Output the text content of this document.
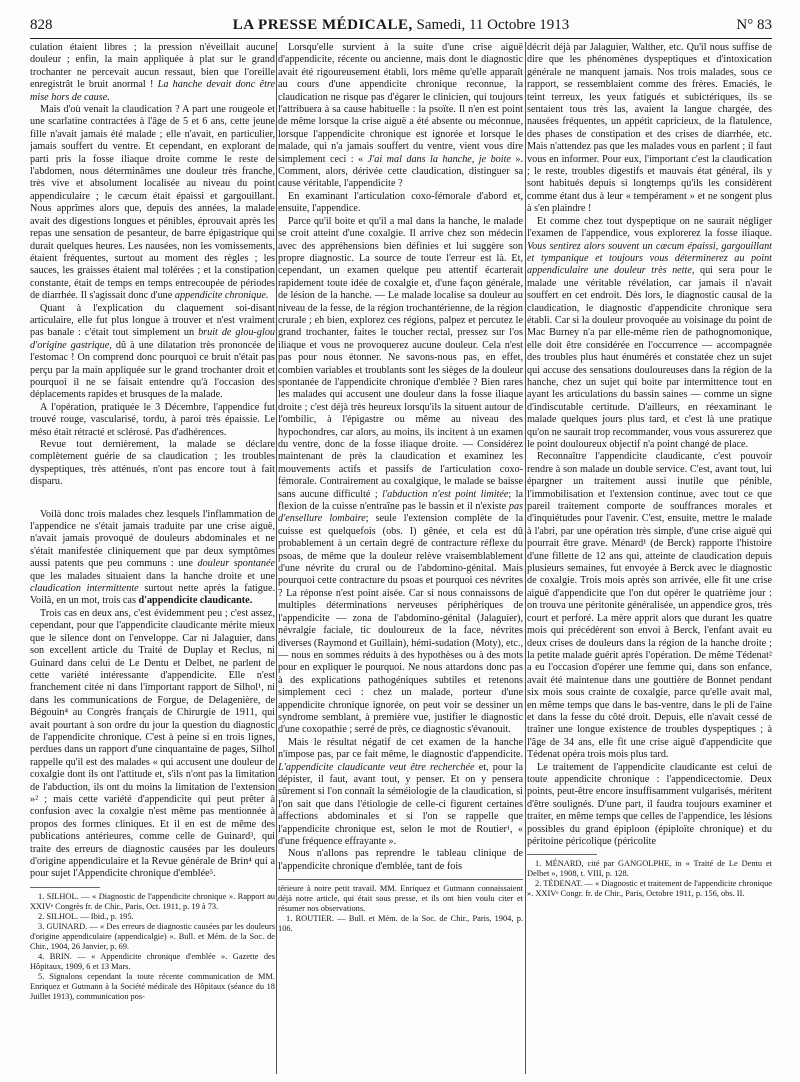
828	LA PRESSE MÉDICALE, Samedi, 11 Octobre 1913	N° 83

culation étaient libres ; la pression n'éveillait aucune douleur ; enfin, la main appliquée à plat sur le grand trochanter ne percevait aucun ressaut, bien que l'oreille enregistrât le bruit anormal ! La hanche devait donc être mise hors de cause.

Mais d'où venait la claudication ? A part une rougeole et une scarlatine contractées à l'âge de 5 et 6 ans, cette jeune fille n'avait jamais été malade ; elle n'avait, en particulier, jamais souffert du ventre. Et cependant, en explorant de parti pris la fosse iliaque droite comme le reste de l'abdomen, nous déterminâmes une douleur très franche, très vive et absolument localisée au niveau du point appendiculaire ; le cæcum était épaissi et gargouillant. Nous apprîmes alors que, depuis des années, la malade avait des digestions longues et pénibles, éprouvait après les repas une sensation de pesanteur, de barre épigastrique qui durait quelques heures. Les nausées, non les vomissements, étaient fréquentes, surtout au moment des règles ; les sauces, les graisses étaient mal tolérées ; et la constipation constante, était de temps en temps entrecoupée de périodes de diarrhée. Il s'agissait donc d'une appendicite chronique.

Quant à l'explication du claquement soi-disant articulaire, elle fut plus longue à trouver et n'est vraiment pas banale : c'était tout simplement un bruit de glou-glou d'origine gastrique, dû à une dilatation très prononcée de l'estomac ! On comprend donc pourquoi ce bruit n'était pas perçu par la main appliquée sur le grand trochanter droit et pourquoi il ne se faisait entendre qu'à l'occasion des déplacements rapides et brusques de la malade.

A l'opération, pratiquée le 3 Décembre, l'appendice fut trouvé rouge, vascularisé, tordu, à paroi très épaissie. Le méso était rétracté et sclérosé. Pas d'adhérences.

Revue tout dernièrement, la malade se déclare complètement guérie de sa claudication ; les troubles dyspeptiques, très atténués, n'ont pas encore tout à fait disparu.

Voilà donc trois malades chez lesquels l'inflammation de l'appendice ne s'était jamais traduite par une crise aiguë, n'avait jamais provoqué de douleurs abdominales et ne s'était manifestée cliniquement que par deux symptômes aussi patents que peu communs : une douleur spontanée que les malades situaient dans la hanche droite et une claudication intermittente surtout nette après la fatigue. Voilà, en un mot, trois cas d'appendicite claudicante.

Trois cas en deux ans, c'est évidemment peu ; c'est assez, cependant, pour que l'appendicite claudicante mérite mieux que le silence dont on l'enveloppe. Car ni Jalaguier, dans son excellent article du Traité de Duplay et Reclus, ni Guinard dans celui de Le Dentu et Delbet, ne parlent de cette variété intéressante d'appendicite. Elle n'est franchement citée ni dans l'important rapport de Silhol¹, ni dans les communications de Forgue, de Delagenière, de Bégouin⁴ au Congrès français de Chirurgie de 1911, qui avait pourtant à son ordre du jour la question du diagnostic de l'appendicite chronique. C'est à peine si en trois lignes, perdues dans un rapport d'une cinquantaine de pages, Silhol rappelle qu'il est des malades « qui accusent une douleur de coxalgie dont ils ont l'attitude et, s'ils n'ont pas la limitation de l'abduction, ils ont du moins la limitation de l'extension »² ; mais cette variété d'appendicite qui peut prêter à confusion avec la coxalgie n'est même pas mentionnée à propos des formes cliniques. Et il en est de même des publications antérieures, comme celle de Guinard³, qui traite des erreurs de diagnostic causées par les douleurs d'origine appendiculaire et la Revue générale de Brin⁴ qui a pour sujet l'Appendicite chronique d'emblée⁵.

1. SILHOL. — « Diagnostic de l'appendicite chronique ». Rapport au XXIVᵉ Congrès fr. de Chir., Paris, Oct. 1911, p. 19 à 73.

2. SILHOL. — Ibid., p. 195.

3. GUINARD. — « Des erreurs de diagnostic causées par les douleurs d'origine appendiculaire (appendicalgie) ». Bull. et Mém. de la Soc. de Chir., 1904, 26 Janvier, p. 69.

4. BRIN. — « Appendicite chronique d'emblée ». Gazette des Hôpitaux, 1909, 6 et 13 Mars.

5. Signalons cependant la toute récente communication de MM. Enriquez et Gutmann à la Société médicale des Hôpitaux (séance du 18 Juillet 1913), communication pos-

Lorsqu'elle survient à la suite d'une crise aiguë d'appendicite, récente ou ancienne, mais dont le diagnostic avait été rigoureusement établi, lors même qu'elle apparaît au cours d'une appendicite chronique reconnue, la claudication ne risque pas d'égarer le clinicien, qui toujours l'attribuera à sa cause habituelle : la psoïte. Il n'en est point de même lorsque la crise aiguë a été absente ou méconnue, lorsque l'appendicite chronique est ignorée et lorsque le malade, qui n'a jamais souffert du ventre, vient vous dire simplement ceci : « J'ai mal dans la hanche, je boite ». Comment, alors, dérivée cette claudication, distinguer sa cause véritable, l'appendicite ?

En examinant l'articulation coxo-fémorale d'abord et, ensuite, l'appendice.

Parce qu'il boite et qu'il a mal dans la hanche, le malade se croit atteint d'une coxalgie. Il arrive chez son médecin avec des appréhensions bien définies et lui suggère son propre diagnostic. La source de toute l'erreur est là. Et, cependant, un examen quelque peu attentif écarterait rapidement toute idée de coxalgie et, d'une façon générale, de lésion de la hanche. — Le malade localise sa douleur au niveau de la fesse, de la région trochantérienne, de la région crurale ; eh bien, explorez ces régions, palpez et percutez le grand trochanter, faites le toucher rectal, pressez sur l'os iliaque et vous ne provoquerez aucune douleur. Cela n'est pas pour nous étonner. Ne savons-nous pas, en effet, combien variables et troublants sont les sièges de la douleur spontanée de l'appendicite chronique d'emblée ? Bien rares les malades qui accusent une douleur dans la fosse iliaque droite ; c'est déjà très heureux lorsqu'ils la situent autour de l'ombilic, à l'épigastre ou même au niveau des hypochondres, car alors, au moins, ils incitent à un examen du ventre, donc de la fosse iliaque droite. — Considérez maintenant de près la claudication et examinez les mouvements actifs et passifs de l'articulation coxo-fémorale. Contrairement au coxalgique, le malade se baisse sans aucune difficulté ; l'abduction n'est point limitée; la flexion de la cuisse n'entraîne pas le bassin et il n'existe pas d'ensellure lombaire; seule l'extension complète de la cuisse est quelquefois (obs. I) gênée, et cela est dû probablement à un certain degré de contracture réflexe du psoas, de même que la douleur relève vraisemblablement d'une névrite du crural ou de l'abdomino-génital. Mais pourquoi cette contracture du psoas et pourquoi ces névrites ? La réponse n'est point aisée. Car si nous connaissons de multiples déterminations nerveuses périphériques de l'appendicite — zona de l'abdomino-génital (Jalaguier), névralgie faciale, tic douloureux de la face, névrites diverses (Raymond et Guillain), hémi-sudation (Moty), etc., — nous en sommes réduits à des hypothèses ou à des mots pour en expliquer le pourquoi. Ne nous attardons donc pas à des explications pathogéniques subtiles et retenons simplement ceci : chez un malade, porteur d'une appendicite chronique ignorée, on peut voir se dessiner un syndrome semblant, à première vue, justifier le diagnostic d'une coxopathie ; serré de près, ce diagnostic s'évanouit.

Mais le résultat négatif de cet examen de la hanche n'impose pas, par ce fait même, le diagnostic d'appendicite. L'appendicite claudicante veut être recherchée et, pour la dépister, il faut, avant tout, y penser. Et on y pensera sûrement si l'on connaît la séméiologie de la claudication, si l'on sait que dans l'étiologie de celle-ci figurent certaines affections abdominales et si l'on se rappelle que l'appendicite chronique est, selon le mot de Routier¹, « d'une fréquence effrayante ».

Nous n'allons pas reprendre le tableau clinique de l'appendicite chronique d'emblée, tant de fois

térieure à notre petit travail. MM. Enriquez et Gutmann connaissaient déjà notre article, qui était sous presse, et ils ont bien voulu citer et résumer nos observations.

1. ROUTIER. — Bull. et Mém. de la Soc. de Chir., Paris, 1904, p. 106.

décrit déjà par Jalaguier, Walther, etc. Qu'il nous suffise de dire que les phénomènes dyspeptiques et d'intoxication générale ne manquent jamais. Nos trois malades, sous ce rapport, se ressemblaient comme des frères. Emaciés, le teint terreux, les yeux fatigués et subictériques, ils se sentaient tous très las, avaient la langue chargée, des nausées fréquentes, un appétit capricieux, de la flatulence, des phases de constipation et des crises de diarrhée, etc. Mais n'attendez pas que les malades vous en parlent ; il faut vous en informer. Pour eux, l'important c'est la claudication ; le reste, troubles digestifs et mauvais état général, ils y sont habitués depuis si longtemps qu'ils les considèrent comme étant dus à leur « tempérament » et ne songent plus à s'en plaindre !

Et comme chez tout dyspeptique on ne saurait négliger l'examen de l'appendice, vous explorerez la fosse iliaque. Vous sentirez alors souvent un cæcum épaissi, gargouillant et tympanique et toujours vous déterminerez au point appendiculaire une douleur très nette, qui sera pour le malade une véritable révélation, car jamais il n'avait souffert en cet endroit. Dès lors, le diagnostic causal de la claudication, le diagnostic d'appendicite chronique sera établi. Car si la douleur provoquée au voisinage du point de Mac Burney n'a par elle-même rien de pathognomonique, elle doit être considérée en l'occurrence — accompagnée des troubles plus haut énumérés et constatée chez un sujet qui accuse des sensations douloureuses dans la région de la hanche, chez un sujet qui boite par intermittence tout en ayant les articulations du bassin saines — comme un signe d'indiscutable certitude. D'ailleurs, en réexaminant le malade quelques jours plus tard, et c'est là une pratique qu'on ne saurait trop recommander, vous vous assurerez que le point douloureux objectif n'a point changé de place.

Reconnaître l'appendicite claudicante, c'est pouvoir rendre à son malade un double service. C'est, avant tout, lui épargner un traitement aussi inutile que pénible, l'immobilisation et l'extension continue, avec tout ce que pareil traitement comporte de souffrances morales et d'inquiétudes pour l'avenir. C'est, ensuite, mettre le malade à l'abri, par une opération très simple, d'une crise aiguë qui pourrait être grave. Ménard¹ (de Berck) rapporte l'histoire d'une fillette de 12 ans qui, atteinte de claudication depuis plusieurs semaines, fut envoyée à Berck avec le diagnostic de coxalgie. Trois mois après son arrivée, elle fit une crise aiguë d'appendicite que l'on dut opérer le quatrième jour : on trouva une péritonite généralisée, un appendice gros, très court et perforé. La mère apprit alors que durant les quatre mois qui précédèrent son envoi à Berck, l'enfant avait eu deux crises de douleurs dans la région de la hanche droite ; la petite malade guérit après l'opération. De même Tédenat² a eu l'occasion d'opérer une femme qui, dans son enfance, avait été maintenue dans une gouttière de Bonnet pendant six mois sous crainte de coxalgie, parce qu'elle avait mal, en même temps que dans le bas-ventre, dans le pli de l'aine et dans la fesse du côté droit. Depuis, elle n'avait cessé de traîner une longue existence de troubles dyspeptiques ; à l'âge de 34 ans, elle fit une crise aiguë d'appendicite que Tédenat opéra trois mois plus tard.

Le traitement de l'appendicite claudicante est celui de toute appendicite chronique : l'appendicectomie. Deux points, peut-être encore insuffisamment vulgarisés, méritent d'être soulignés. D'une part, il faudra toujours examiner et traiter, en même temps que celles de l'appendice, les lésions possibles du grand épiploon (épiploïte chronique) et du péritoine péricolique (péricolite

1. MÉNARD, cité par GANGOLPHE, in « Traité de Le Dentu et Delbet », 1908, t. VIII, p. 128.

2. TÉDENAT. — « Diagnostic et traitement de l'appendicite chronique ». XXIVᵉ Congr. fr. de Chir., Paris, Octobre 1911, p. 156, obs. II.
